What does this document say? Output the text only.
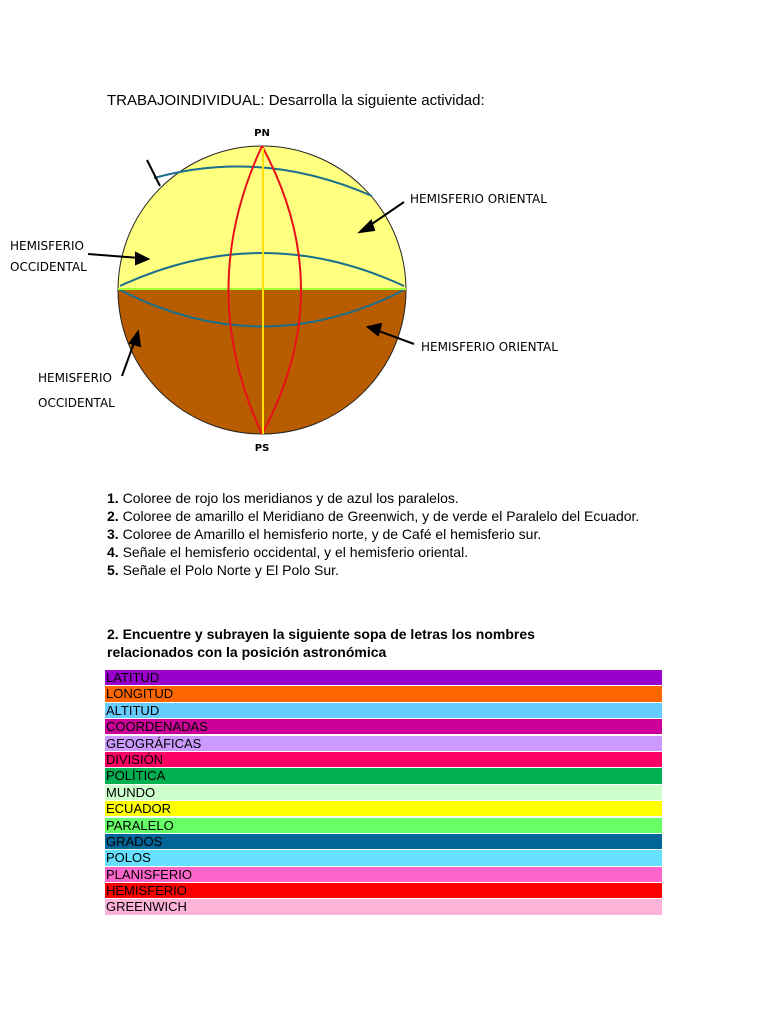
TRABAJOINDIVIDUAL: Desarrolla la siguiente actividad:
PN
PS
HEMISFERIO ORIENTAL
HEMISFERIO
OCCIDENTAL
HEMISFERIO ORIENTAL
HEMISFERIO
OCCIDENTAL
1. Coloree de rojo los meridianos y de azul los paralelos.
2. Coloree de amarillo el Meridiano de Greenwich, y de verde el Paralelo del Ecuador.
3. Coloree de Amarillo el hemisferio norte, y de Café el hemisferio sur.
4. Señale el hemisferio occidental, y el hemisferio oriental.
5. Señale el Polo Norte y El Polo Sur.
2. Encuentre y subrayen la siguiente sopa de letras los nombres
relacionados con la posición astronómica
LATITUD
LONGITUD
ALTITUD
COORDENADAS
GEOGRÁFICAS
DIVISIÓN
POLÍTICA
MUNDO
ECUADOR
PARALELO
GRADOS
POLOS
PLANISFERIO
HEMISFERIO
GREENWICH
